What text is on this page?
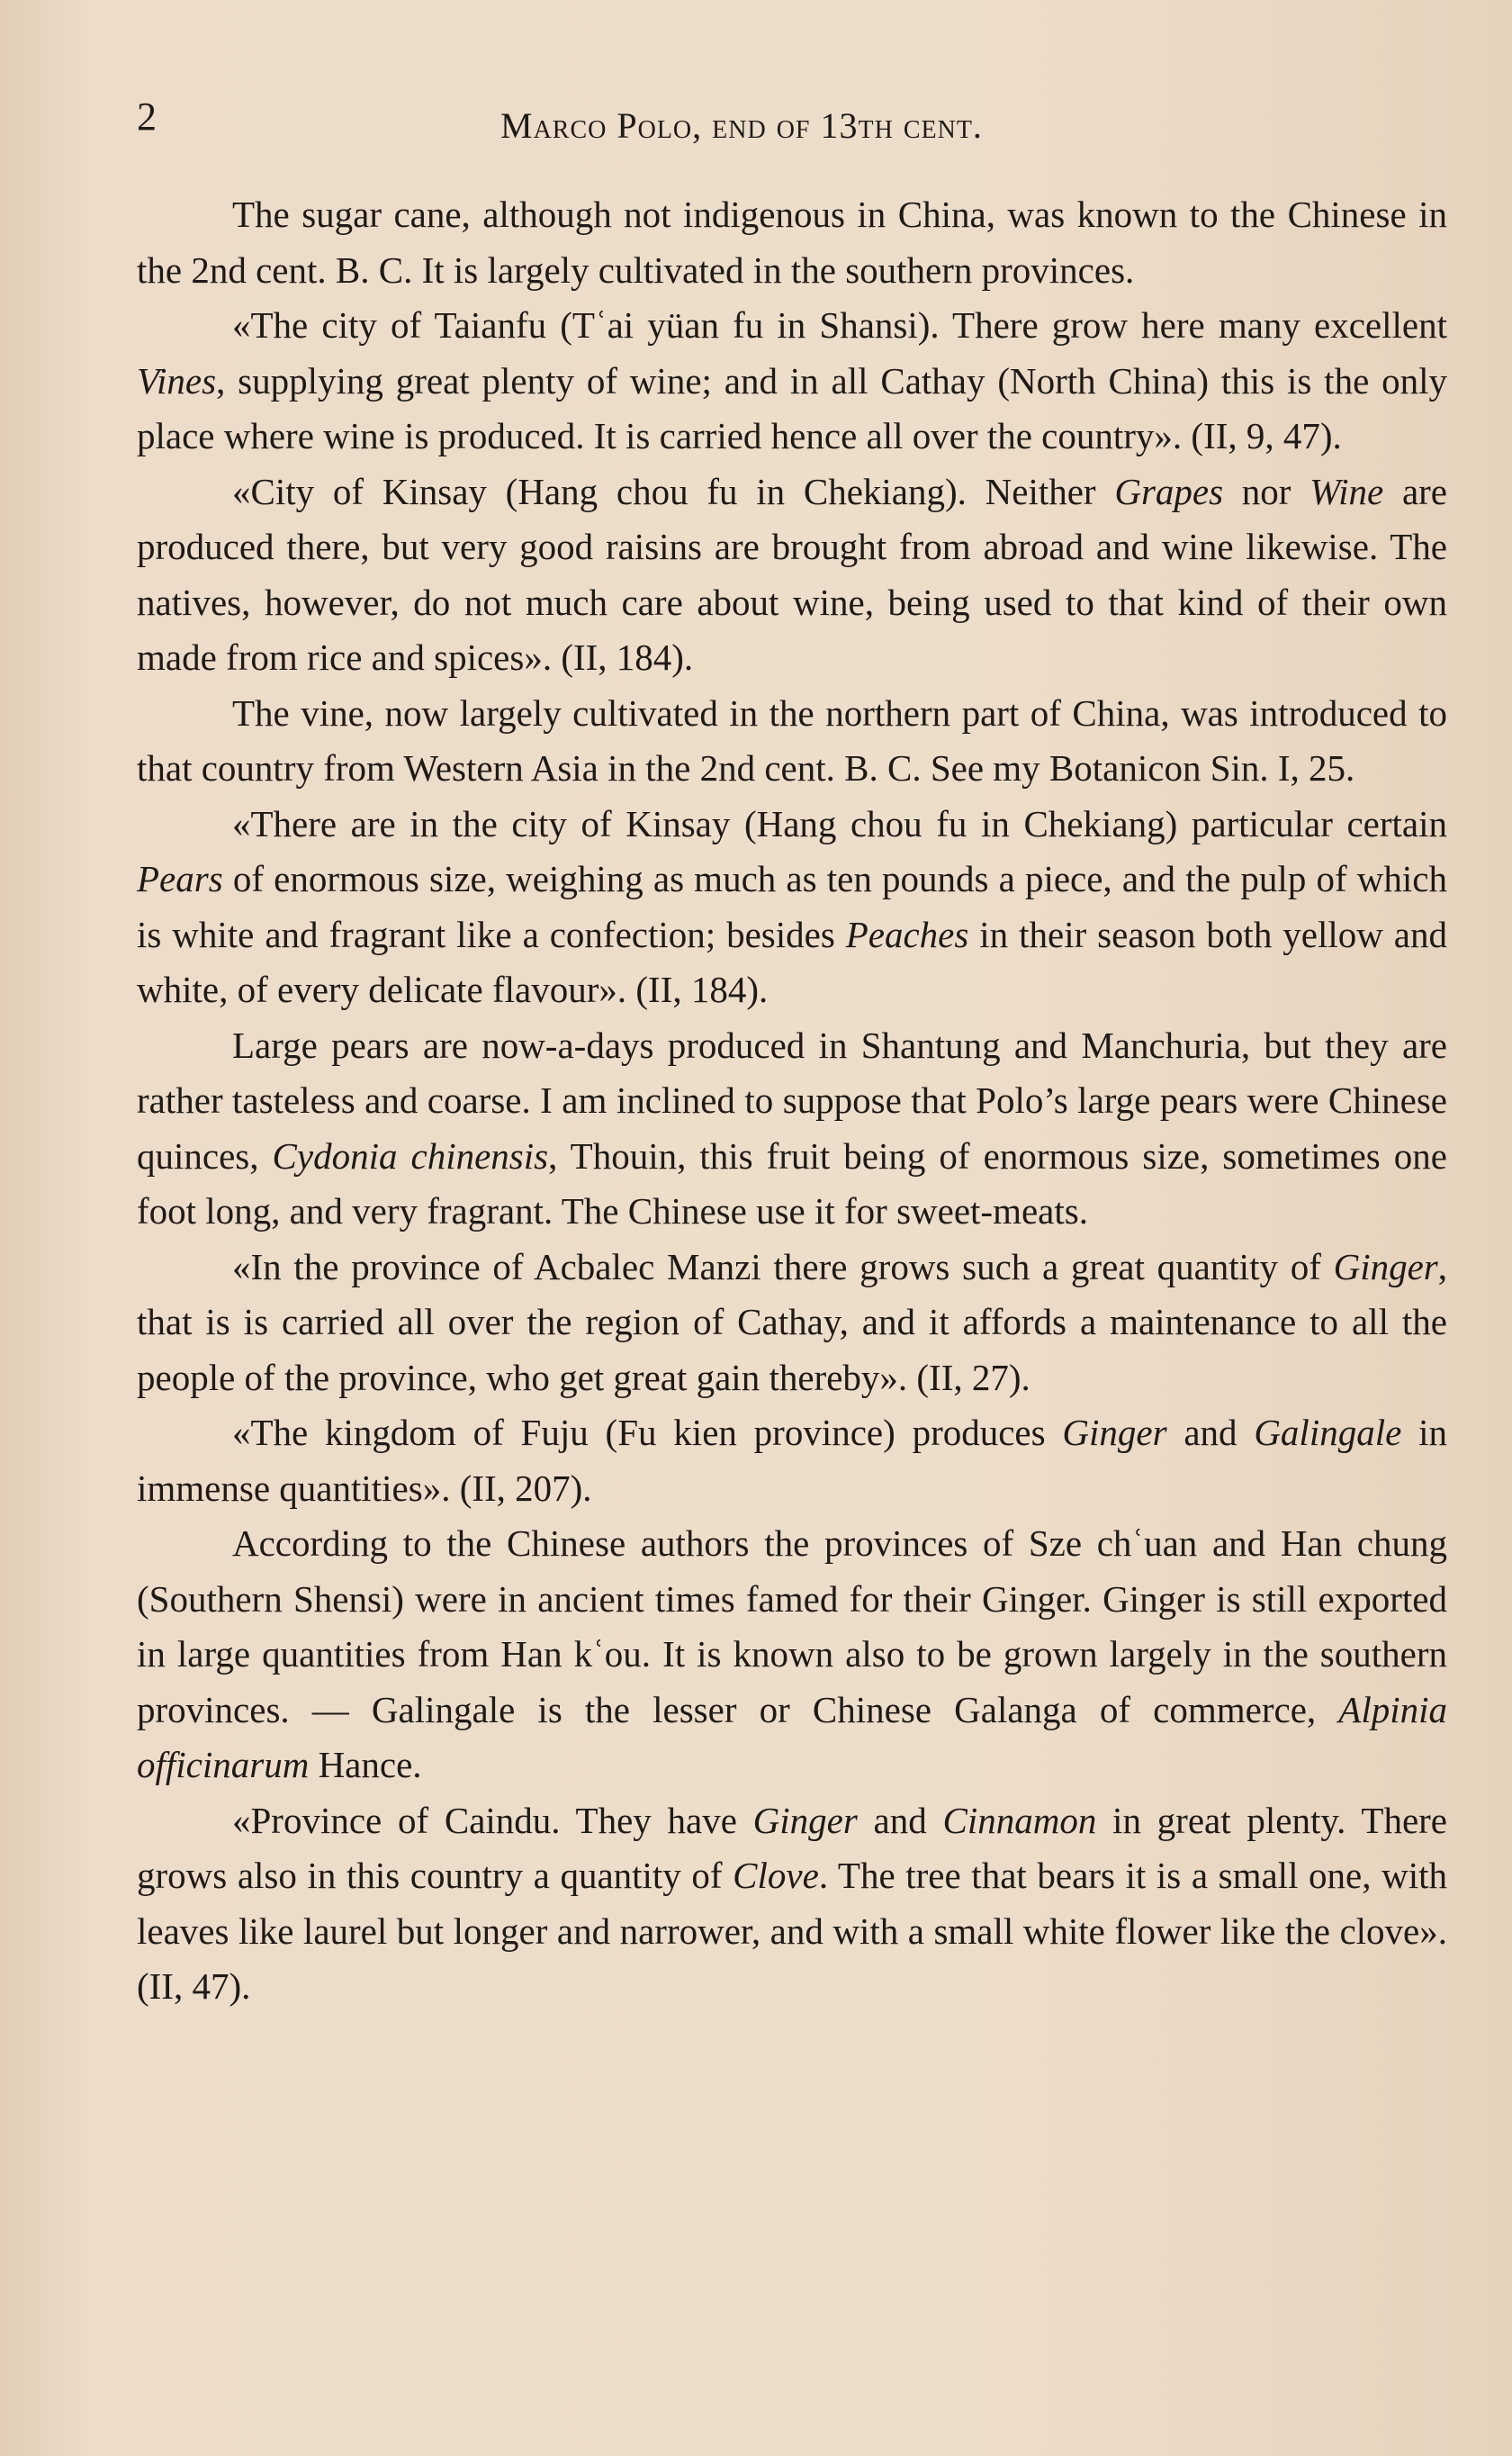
2	Marco Polo, end of 13th cent.

The sugar cane, although not indigenous in China, was known to the Chinese in the 2nd cent. B. C. It is largely cultivated in the southern provinces.

«The city of Taianfu (Tʿai yüan fu in Shansi). There grow here many excellent Vines, supplying great plenty of wine; and in all Cathay (North China) this is the only place where wine is produced. It is carried hence all over the country». (II, 9, 47).

«City of Kinsay (Hang chou fu in Chekiang). Neither Grapes nor Wine are produced there, but very good raisins are brought from abroad and wine likewise. The natives, however, do not much care about wine, being used to that kind of their own made from rice and spices». (II, 184).

The vine, now largely cultivated in the northern part of China, was introduced to that country from Western Asia in the 2nd cent. B. C. See my Botanicon Sin. I, 25.

«There are in the city of Kinsay (Hang chou fu in Chekiang) particular certain Pears of enormous size, weighing as much as ten pounds a piece, and the pulp of which is white and fragrant like a confection; besides Peaches in their season both yellow and white, of every delicate flavour». (II, 184).

Large pears are now-a-days produced in Shantung and Manchuria, but they are rather tasteless and coarse. I am inclined to suppose that Polo’s large pears were Chinese quinces, Cydonia chinensis, Thouin, this fruit being of enormous size, sometimes one foot long, and very fragrant. The Chinese use it for sweet-meats.

«In the province of Acbalec Manzi there grows such a great quantity of Ginger, that is is carried all over the region of Cathay, and it affords a maintenance to all the people of the province, who get great gain thereby». (II, 27).

«The kingdom of Fuju (Fu kien province) produces Ginger and Galingale in immense quantities». (II, 207).

According to the Chinese authors the provinces of Sze chʿuan and Han chung (Southern Shensi) were in ancient times famed for their Ginger. Ginger is still exported in large quantities from Han kʿou. It is known also to be grown largely in the southern provinces. — Galingale is the lesser or Chinese Galanga of commerce, Alpinia officinarum Hance.

«Province of Caindu. They have Ginger and Cinnamon in great plenty. There grows also in this country a quantity of Clove. The tree that bears it is a small one, with leaves like laurel but longer and narrower, and with a small white flower like the clove». (II, 47).
